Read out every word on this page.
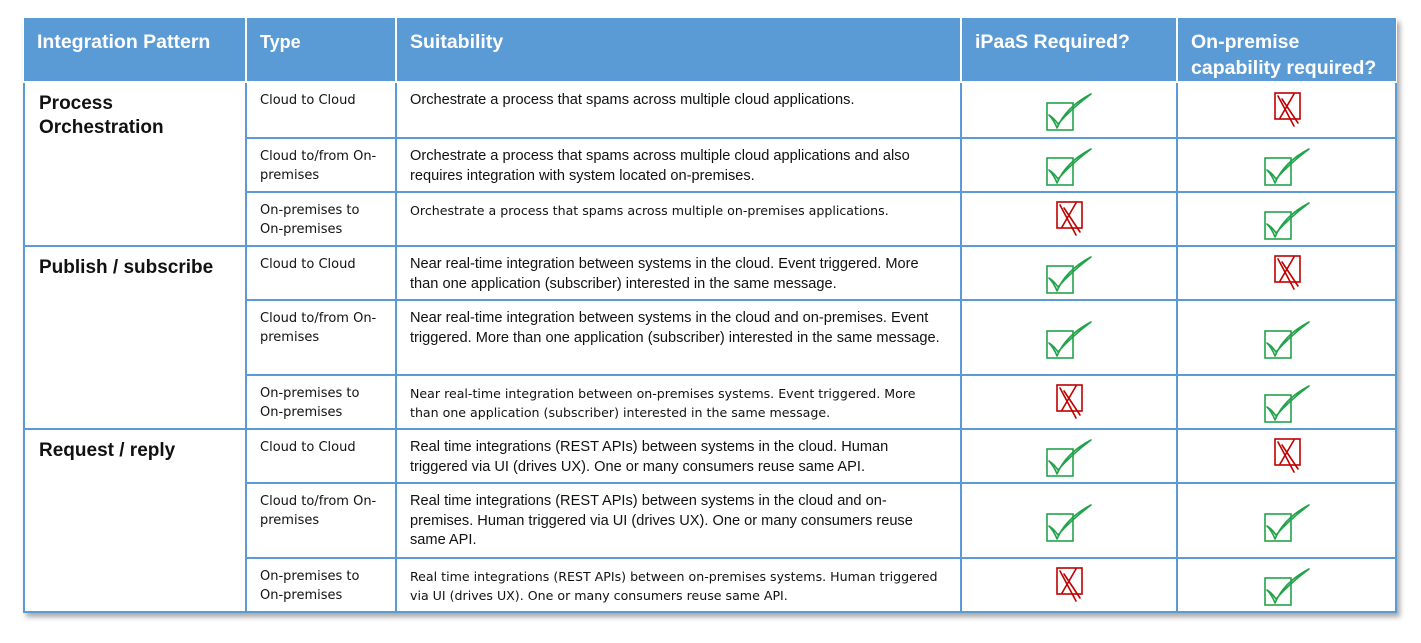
Integration Pattern	Type	Suitability	iPaaS Required?	On-premise capability required?
Process Orchestration	Cloud to Cloud	Orchestrate a process that spams across multiple cloud applications.	

	Cloud to/from On-premises	Orchestrate a process that spams across multiple cloud applications and also requires integration with system located on-premises.	

	On-premises to On-premises	Orchestrate a process that spams across multiple on-premises applications.	

Publish / subscribe	Cloud to Cloud	Near real-time integration between systems in the cloud. Event triggered. More than one application (subscriber) interested in the same message.	

	Cloud to/from On-premises	Near real-time integration between systems in the cloud and on-premises. Event triggered. More than one application (subscriber) interested in the same message.	

	On-premises to On-premises	Near real-time integration between on-premises systems. Event triggered. More than one application (subscriber) interested in the same message.	

Request / reply	Cloud to Cloud	Real time integrations (REST APIs) between systems in the cloud. Human triggered via UI (drives UX). One or many consumers reuse same API.	

	Cloud to/from On-premises	Real time integrations (REST APIs) between systems in the cloud and on-premises. Human triggered via UI (drives UX). One or many consumers reuse same API.	

	On-premises to On-premises	Real time integrations (REST APIs) between on-premises systems. Human triggered via UI (drives UX). One or many consumers reuse same API.	
